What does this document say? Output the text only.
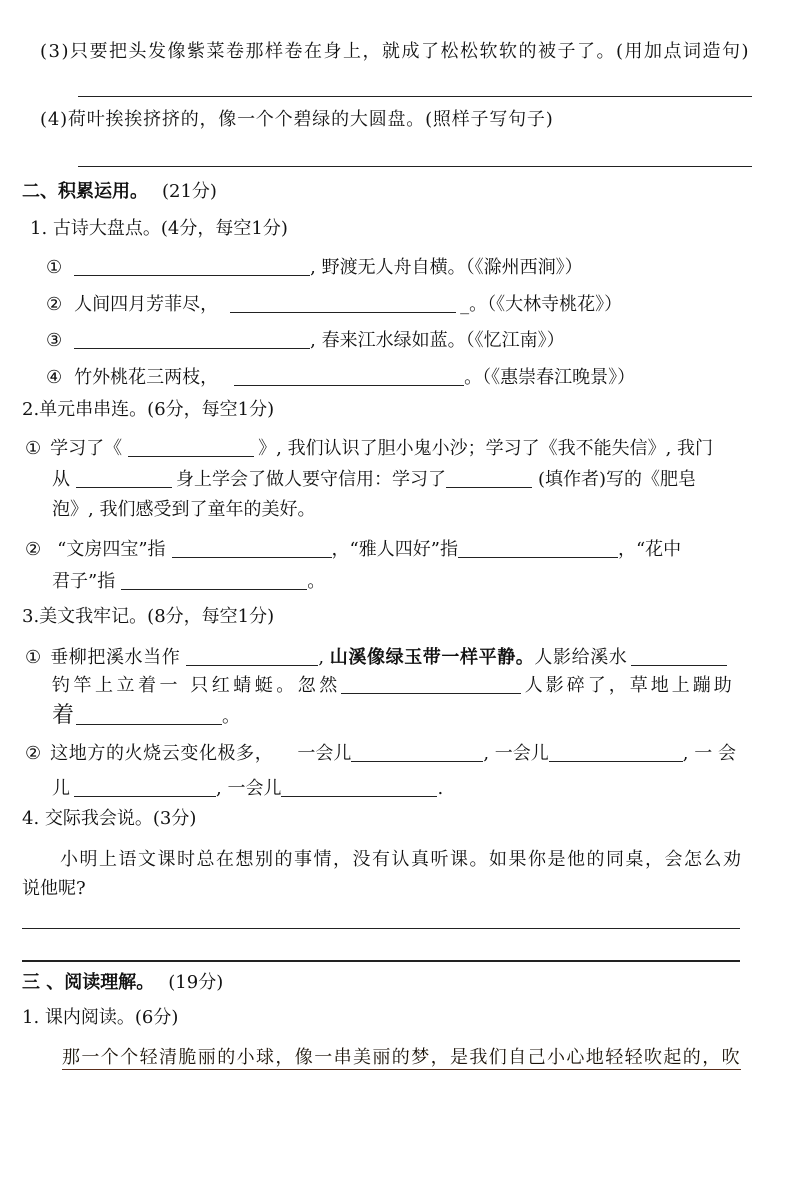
(3)只要把头发像紫菜卷那样卷在身上，就成了松松软软的被子了。(用加点词造句)
(4)荷叶挨挨挤挤的，像一个个碧绿的大圆盘。(照样子写句子)
二、积累运用。 (21分)
1. 古诗大盘点。(4分，每空1分)
①	, 野渡无人舟自横。（《滁州西涧》）
② 人间四月芳菲尽，	_。（《大林寺桃花》）
③	, 春来江水绿如蓝。（《忆江南》）
④ 竹外桃花三两枝，	。（《惠崇春江晚景》）
2.单元串串连。(6分，每空1分)
① 学习了《	》, 我们认识了胆小鬼小沙；学习了《我不能失信》, 我门
从	身上学会了做人要守信用：学习了	(填作者)写的《肥皂
泡》, 我们感受到了童年的美好。
② “文房四宝”指	，“雅人四好”指	，“花中
君子”指	。
3.美文我牢记。(8分，每空1分)
① 垂柳把溪水当作	, 山溪像绿玉带一样平静。人影给溪水
钓竿上立着一 只红蜻蜓。忽然	人影碎了，草地上蹦助
着	。
② 这地方的火烧云变化极多， 一会儿	, 一会儿	, 一 会
儿	, 一会儿	.
4. 交际我会说。(3分)
小明上语文课时总在想别的事情，没有认真听课。如果你是他的同桌，会怎么劝
说他呢?
三 、阅读理解。 (19分)
1. 课内阅读。(6分)
那一个个轻清脆丽的小球，像一串美丽的梦，是我们自己小心地轻轻吹起的，吹
